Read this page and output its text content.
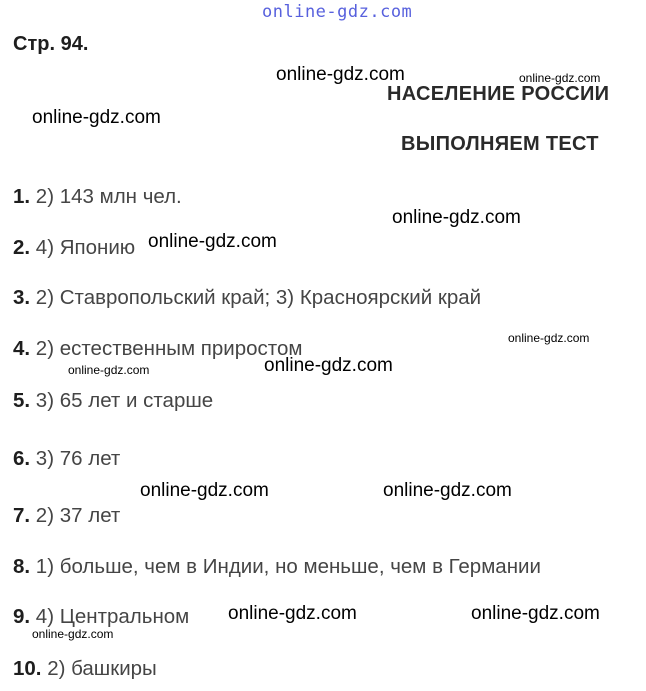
online-gdz.com
Стр. 94.
НАСЕЛЕНИЕ РОССИИ
ВЫПОЛНЯЕМ ТЕСТ
1. 2) 143 млн чел.
2. 4) Японию
3. 2) Ставропольский край; 3) Красноярский край
4. 2) естественным приростом
5. 3) 65 лет и старше
6. 3) 76 лет
7. 2) 37 лет
8. 1) больше, чем в Индии, но меньше, чем в Германии
9. 4) Центральном
10. 2) башкиры
online-gdz.com
online-gdz.com
online-gdz.com
online-gdz.com
online-gdz.com
online-gdz.com	online-gdz.com
online-gdz.com	online-gdz.com
online-gdz.com
online-gdz.com
online-gdz.com
online-gdz.com
